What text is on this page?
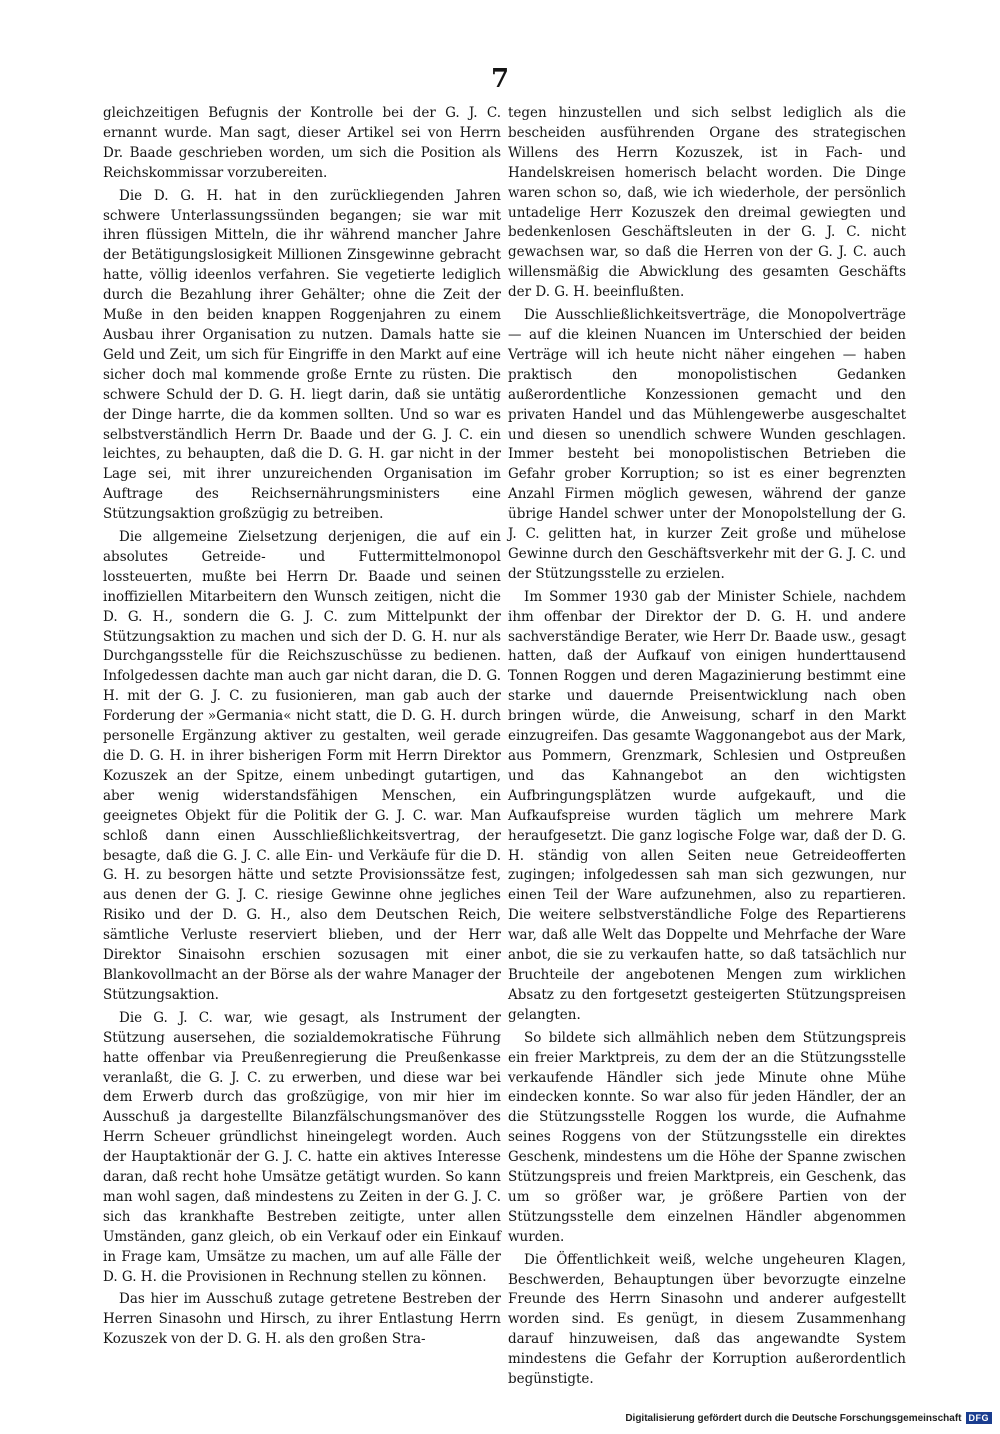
7

gleichzeitigen Befugnis der Kontrolle bei der G. J. C. ernannt wurde. Man sagt, dieser Artikel sei von Herrn Dr. Baade geschrieben worden, um sich die Position als Reichskommissar vorzubereiten.

Die D. G. H. hat in den zurückliegenden Jahren schwere Unterlassungssünden begangen; sie war mit ihren flüssigen Mitteln, die ihr während mancher Jahre der Betätigungslosigkeit Millionen Zinsgewinne gebracht hatte, völlig ideenlos verfahren. Sie vegetierte lediglich durch die Bezahlung ihrer Gehälter; ohne die Zeit der Muße in den beiden knappen Roggenjahren zu einem Ausbau ihrer Organisation zu nutzen. Damals hatte sie Geld und Zeit, um sich für Eingriffe in den Markt auf eine sicher doch mal kommende große Ernte zu rüsten. Die schwere Schuld der D. G. H. liegt darin, daß sie untätig der Dinge harrte, die da kommen sollten. Und so war es selbstverständlich Herrn Dr. Baade und der G. J. C. ein leichtes, zu behaupten, daß die D. G. H. gar nicht in der Lage sei, mit ihrer unzureichenden Organisation im Auftrage des Reichsernährungsministers eine Stützungsaktion großzügig zu betreiben.

Die allgemeine Zielsetzung derjenigen, die auf ein absolutes Getreide- und Futtermittelmonopol lossteuerten, mußte bei Herrn Dr. Baade und seinen inoffiziellen Mitarbeitern den Wunsch zeitigen, nicht die D. G. H., sondern die G. J. C. zum Mittelpunkt der Stützungsaktion zu machen und sich der D. G. H. nur als Durchgangsstelle für die Reichszuschüsse zu bedienen. Infolgedessen dachte man auch gar nicht daran, die D. G. H. mit der G. J. C. zu fusionieren, man gab auch der Forderung der »Germania« nicht statt, die D. G. H. durch personelle Ergänzung aktiver zu gestalten, weil gerade die D. G. H. in ihrer bisherigen Form mit Herrn Direktor Kozuszek an der Spitze, einem unbedingt gutartigen, aber wenig widerstandsfähigen Menschen, ein geeignetes Objekt für die Politik der G. J. C. war. Man schloß dann einen Ausschließlichkeitsvertrag, der besagte, daß die G. J. C. alle Ein- und Verkäufe für die D. G. H. zu besorgen hätte und setzte Provisionssätze fest, aus denen der G. J. C. riesige Gewinne ohne jegliches Risiko und der D. G. H., also dem Deutschen Reich, sämtliche Verluste reserviert blieben, und der Herr Direktor Sinaisohn erschien sozusagen mit einer Blankovollmacht an der Börse als der wahre Manager der Stützungsaktion.

Die G. J. C. war, wie gesagt, als Instrument der Stützung ausersehen, die sozialdemokratische Führung hatte offenbar via Preußenregierung die Preußenkasse veranlaßt, die G. J. C. zu erwerben, und diese war bei dem Erwerb durch das großzügige, von mir hier im Ausschuß ja dargestellte Bilanzfälschungsmanöver des Herrn Scheuer gründlichst hineingelegt worden. Auch der Hauptaktionär der G. J. C. hatte ein aktives Interesse daran, daß recht hohe Umsätze getätigt wurden. So kann man wohl sagen, daß mindestens zu Zeiten in der G. J. C. sich das krankhafte Bestreben zeitigte, unter allen Umständen, ganz gleich, ob ein Verkauf oder ein Einkauf in Frage kam, Umsätze zu machen, um auf alle Fälle der D. G. H. die Provisionen in Rechnung stellen zu können.

Das hier im Ausschuß zutage getretene Bestreben der Herren Sinasohn und Hirsch, zu ihrer Entlastung Herrn Kozuszek von der D. G. H. als den großen Stra-

tegen hinzustellen und sich selbst lediglich als die bescheiden ausführenden Organe des strategischen Willens des Herrn Kozuszek, ist in Fach- und Handelskreisen homerisch belacht worden. Die Dinge waren schon so, daß, wie ich wiederhole, der persönlich untadelige Herr Kozuszek den dreimal gewiegten und bedenkenlosen Geschäftsleuten in der G. J. C. nicht gewachsen war, so daß die Herren von der G. J. C. auch willensmäßig die Abwicklung des gesamten Geschäfts der D. G. H. beeinflußten.

Die Ausschließlichkeitsverträge, die Monopolverträge — auf die kleinen Nuancen im Unterschied der beiden Verträge will ich heute nicht näher eingehen — haben praktisch den monopolistischen Gedanken außerordentliche Konzessionen gemacht und den privaten Handel und das Mühlengewerbe ausgeschaltet und diesen so unendlich schwere Wunden geschlagen. Immer besteht bei monopolistischen Betrieben die Gefahr grober Korruption; so ist es einer begrenzten Anzahl Firmen möglich gewesen, während der ganze übrige Handel schwer unter der Monopolstellung der G. J. C. gelitten hat, in kurzer Zeit große und mühelose Gewinne durch den Geschäftsverkehr mit der G. J. C. und der Stützungsstelle zu erzielen.

Im Sommer 1930 gab der Minister Schiele, nachdem ihm offenbar der Direktor der D. G. H. und andere sachverständige Berater, wie Herr Dr. Baade usw., gesagt hatten, daß der Aufkauf von einigen hunderttausend Tonnen Roggen und deren Magazinierung bestimmt eine starke und dauernde Preisentwicklung nach oben bringen würde, die Anweisung, scharf in den Markt einzugreifen. Das gesamte Waggonangebot aus der Mark, aus Pommern, Grenzmark, Schlesien und Ostpreußen und das Kahnangebot an den wichtigsten Aufbringungsplätzen wurde aufgekauft, und die Aufkaufspreise wurden täglich um mehrere Mark heraufgesetzt. Die ganz logische Folge war, daß der D. G. H. ständig von allen Seiten neue Getreideofferten zugingen; infolgedessen sah man sich gezwungen, nur einen Teil der Ware aufzunehmen, also zu repartieren. Die weitere selbstverständliche Folge des Repartierens war, daß alle Welt das Doppelte und Mehrfache der Ware anbot, die sie zu verkaufen hatte, so daß tatsächlich nur Bruchteile der angebotenen Mengen zum wirklichen Absatz zu den fortgesetzt gesteigerten Stützungspreisen gelangten.

So bildete sich allmählich neben dem Stützungspreis ein freier Marktpreis, zu dem der an die Stützungsstelle verkaufende Händler sich jede Minute ohne Mühe eindecken konnte. So war also für jeden Händler, der an die Stützungsstelle Roggen los wurde, die Aufnahme seines Roggens von der Stützungsstelle ein direktes Geschenk, mindestens um die Höhe der Spanne zwischen Stützungspreis und freien Marktpreis, ein Geschenk, das um so größer war, je größere Partien von der Stützungsstelle dem einzelnen Händler abgenommen wurden.

Die Öffentlichkeit weiß, welche ungeheuren Klagen, Beschwerden, Behauptungen über bevorzugte einzelne Freunde des Herrn Sinasohn und anderer aufgestellt worden sind. Es genügt, in diesem Zusammenhang darauf hinzuweisen, daß das angewandte System mindestens die Gefahr der Korruption außerordentlich begünstigte.

Digitalisierung gefördert durch die Deutsche Forschungsgemeinschaft DFG
